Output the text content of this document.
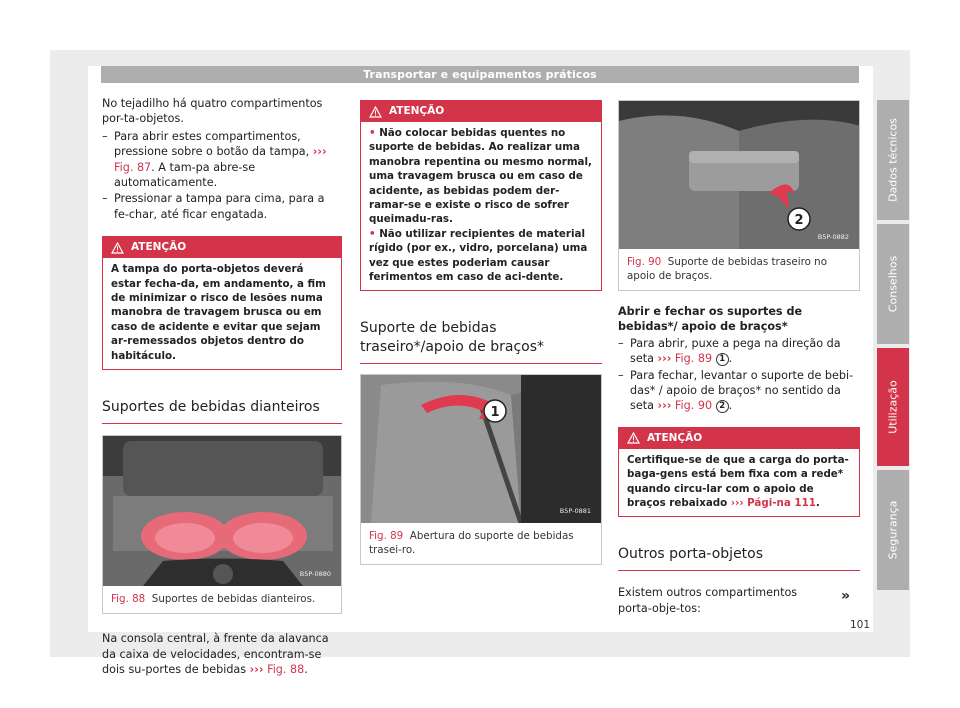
Transportar e equipamentos práticos

No tejadilho há quatro compartimentos por-ta-objetos.

– Para abrir estes compartimentos, pressione sobre o botão da tampa, ››› Fig. 87. A tam-pa abre-se automaticamente.

– Pressionar a tampa para cima, para a fe-char, até ficar engatada.

ATENÇÃO
A tampa do porta-objetos deverá estar fecha-da, em andamento, a fim de minimizar o risco de lesões numa manobra de travagem brusca ou em caso de acidente e evitar que sejam ar-remessados objetos dentro do habitáculo.
Suportes de bebidas dianteiros
B5P-0880
Fig. 88 Suportes de bebidas dianteiros.

Na consola central, à frente da alavanca da caixa de velocidades, encontram-se dois su-portes de bebidas ››› Fig. 88.

ATENÇÃO

• Não colocar bebidas quentes no suporte de bebidas. Ao realizar uma manobra repentina ou mesmo normal, uma travagem brusca ou em caso de acidente, as bebidas podem der-ramar-se e existe o risco de sofrer queimadu-ras.

• Não utilizar recipientes de material rígido (por ex., vidro, porcelana) uma vez que estes poderiam causar ferimentos em caso de aci-dente.

Suporte de bebidas traseiro*/apoio de braços*
1
B5P-0881
Fig. 89 Abertura do suporte de bebidas trasei-ro.
2
B5P-0882
Fig. 90 Suporte de bebidas traseiro no apoio de braços.

Abrir e fechar os suportes de bebidas*/ apoio de braços*

– Para abrir, puxe a pega na direção da seta ››› Fig. 89 1 .

– Para fechar, levantar o suporte de bebi-das* / apoio de braços* no sentido da seta ››› Fig. 90 2 .

ATENÇÃO
Certifique-se de que a carga do porta-baga-gens está bem fixa com a rede* quando circu-lar com o apoio de braços rebaixado ››› Pági-na 111.
Outros porta-objetos

Existem outros compartimentos porta-obje-tos:

»
Dados técnicos
Conselhos
Utilização
Segurança
101
